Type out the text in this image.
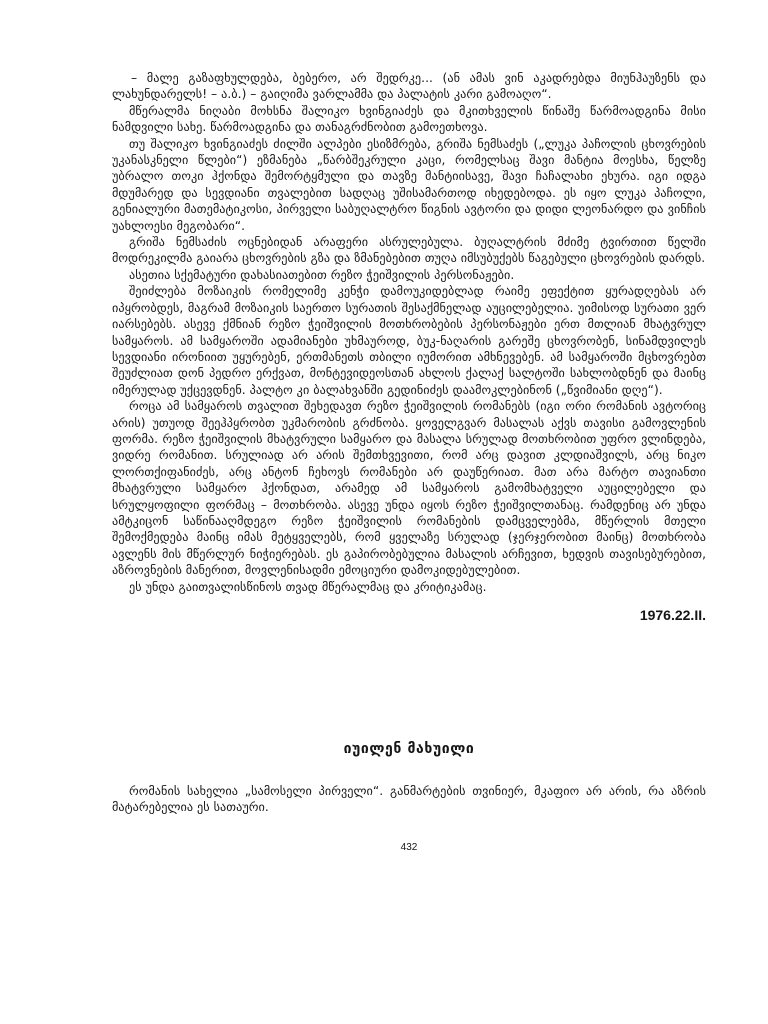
– მალე გაზაფხულდება, ბებერო, არ შედრკე... (ან ამას ვინ აკადრებდა მიუნჰაუზენს და ლახუნდარელს! – ა.ბ.) – გაიღიმა ვარლამმა და პალატის კარი გამოაღო“.

მწერალმა ნიღაბი მოხსნა შალიკო ხვინგიაძეს და მკითხველის წინაშე წარმოადგინა მისი ნამდვილი სახე. წარმოადგინა და თანაგრძნობით გამოეთხოვა.

თუ შალიკო ხვინგიაძეს ძილში ალპები ესიზმრება, გრიშა ნემსაძეს („ლუკა პაჩოლის ცხოვრების უკანასკნელი წლები“) ეზმანება „წარბშეკრული კაცი, რომელსაც შავი მანტია მოესხა, წელზე უბრალო თოკი ჰქონდა შემორტყმული და თავზე მანტიისავე, შავი ჩაჩალახი ეხურა. იგი იდგა მდუმარედ და სევდიანი თვალებით სადღაც უშისამართოდ იხედებოდა. ეს იყო ლუკა პაჩოლი, გენიალური მათემატიკოსი, პირველი საბუღალტრო წიგნის ავტორი და დიდი ლეონარდო და ვინჩის უახლოესი მეგობარი“.

გრიშა ნემსაძის ოცნებიდან არაფერი ასრულებულა. ბუღალტრის მძიმე ტვირთით წელში მოდრეკილმა გაიარა ცხოვრების გზა და ზმანებებით თუღა იმსუბუქებს წაგებული ცხოვრების დარდს.

ასეთია სქემატური დახასიათებით რეზო ჭეიშვილის პერსონაჟები.

შეიძლება მოზაიკის რომელიმე კენჭი დამოუკიდებლად რაიმე ეფექტით ყურადღებას არ იპყრობდეს, მაგრამ მოზაიკის საერთო სურათის შესაქმნელად აუცილებელია. უიმისოდ სურათი ვერ იარსებებს. ასევე ქმნიან რეზო ჭეიშვილის მოთხრობების პერსონაჟები ერთ მთლიან მხატვრულ სამყაროს. ამ სამყაროში ადამიანები უხმაუროდ, ბუკ-ნაღარის გარეშე ცხოვრობენ, სინამდვილეს სევდიანი ირონიით უყურებენ, ერთმანეთს თბილი იუმორით ამხნევებენ. ამ სამყაროში მცხოვრებთ შეუძლიათ დონ პედრო ერქვათ, მონტევიდეოსთან ახლოს ქალაქ სალტოში სახლობდნენ და მაინც იმერულად უქცევდნენ. პალტო კი ბალახვანში გედინიძეს დაამოკლებინონ („წვიმიანი დღე“).

როცა ამ სამყაროს თვალით შეხედავთ რეზო ჭეიშვილის რომანებს (იგი ორი რომანის ავტორიც არის) უთუოდ შეეჰპყრობთ უკმარობის გრძნობა. ყოველგვარ მასალას აქვს თავისი გამოვლენის ფორმა. რეზო ჭეიშვილის მხატვრული სამყარო და მასალა სრულად მოთხრობით უფრო ვლინდება, ვიდრე რომანით. სრულიად არ არის შემთხვევითი, რომ არც დავით კლდიაშვილს, არც ნიკო ლორთქიფანიძეს, არც ანტონ ჩეხოვს რომანები არ დაუწერიათ. მათ არა მარტო თავიანთი მხატვრული სამყარო ჰქონდათ, არამედ ამ სამყაროს გამომხატველი აუცილებელი და სრულყოფილი ფორმაც – მოთხრობა. ასევე უნდა იყოს რეზო ჭეიშვილთანაც. რამდენიც არ უნდა ამტკიცონ საწინააღმდეგო რეზო ჭეიშვილის რომანების დამცველებმა, მწერლის მთელი შემოქმედება მაინც იმას მეტყველებს, რომ ყველაზე სრულად (ჯერჯერობით მაინც) მოთხრობა ავლენს მის მწერლურ ნიჭიერებას. ეს გაპირობებულია მასალის არჩევით, ხედვის თავისებურებით, აზროვნების მანერით, მოვლენისადმი ემოციური დამოკიდებულებით.

ეს უნდა გაითვალისწინოს თვად მწერალმაც და კრიტიკამაც.

1976.22.II.
იუილენ მახუილი

რომანის სახელია „სამოსელი პირველი“. განმარტების თვინიერ, მკაფიო არ არის, რა აზრის მატარებელია ეს სათაური.

432
